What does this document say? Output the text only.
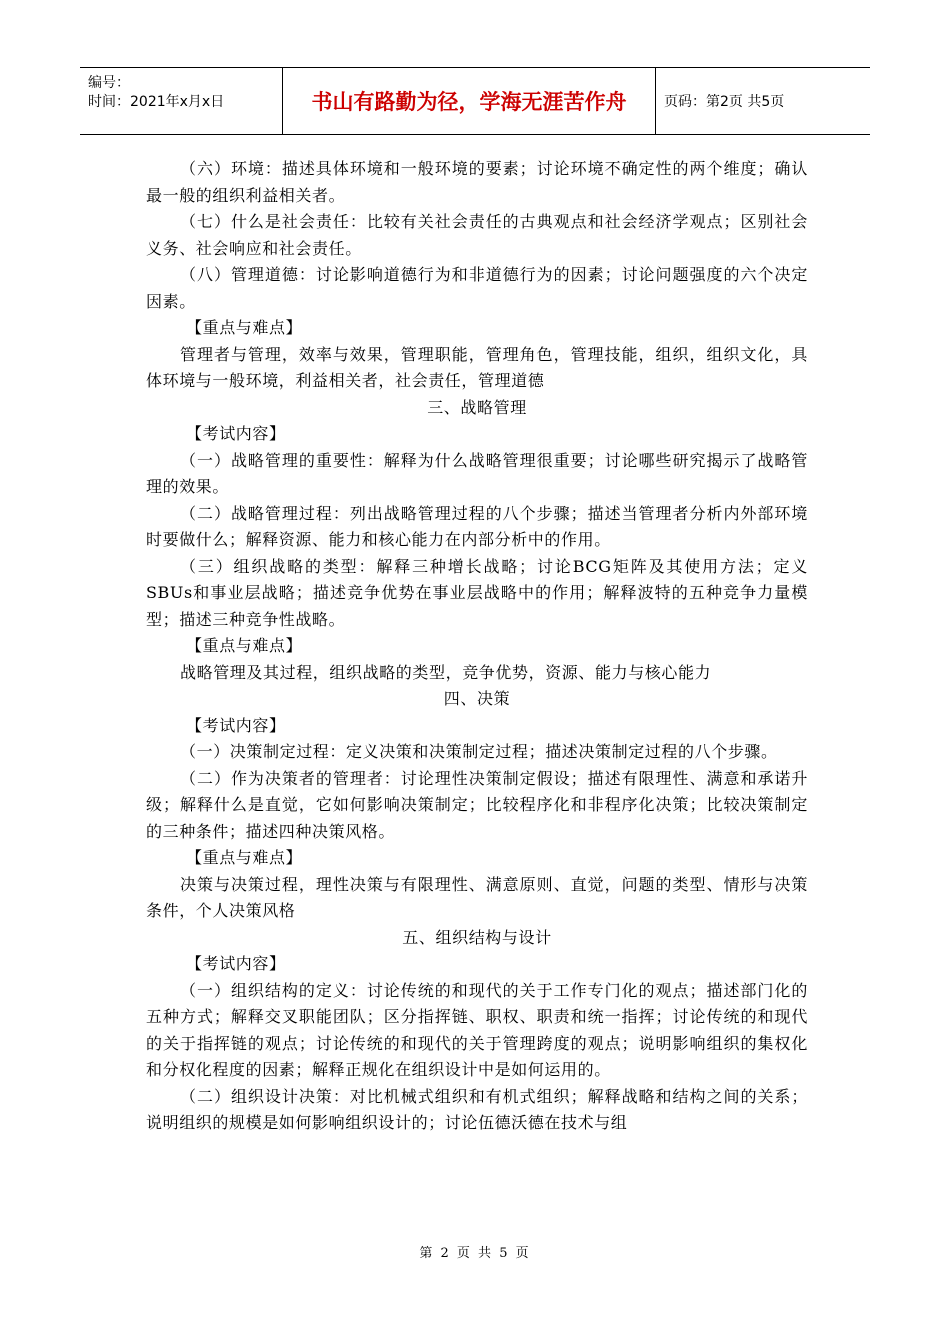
编号：
时间：2021年x月x日	书山有路勤为径，学海无涯苦作舟	页码：第2页 共5页

（六）环境：描述具体环境和一般环境的要素；讨论环境不确定性的两个维度；确认最一般的组织利益相关者。

（七）什么是社会责任：比较有关社会责任的古典观点和社会经济学观点；区别社会义务、社会响应和社会责任。

（八）管理道德：讨论影响道德行为和非道德行为的因素；讨论问题强度的六个决定因素。

【重点与难点】

管理者与管理，效率与效果，管理职能，管理角色，管理技能，组织，组织文化，具体环境与一般环境，利益相关者，社会责任，管理道德

三、战略管理

【考试内容】

（一）战略管理的重要性：解释为什么战略管理很重要；讨论哪些研究揭示了战略管理的效果。

（二）战略管理过程：列出战略管理过程的八个步骤；描述当管理者分析内外部环境时要做什么；解释资源、能力和核心能力在内部分析中的作用。

（三）组织战略的类型：解释三种增长战略；讨论BCG矩阵及其使用方法；定义SBUs和事业层战略；描述竞争优势在事业层战略中的作用；解释波特的五种竞争力量模型；描述三种竞争性战略。

【重点与难点】

战略管理及其过程，组织战略的类型，竞争优势，资源、能力与核心能力

四、决策

【考试内容】

（一）决策制定过程：定义决策和决策制定过程；描述决策制定过程的八个步骤。

（二）作为决策者的管理者：讨论理性决策制定假设；描述有限理性、满意和承诺升级；解释什么是直觉，它如何影响决策制定；比较程序化和非程序化决策；比较决策制定的三种条件；描述四种决策风格。

【重点与难点】

决策与决策过程，理性决策与有限理性、满意原则、直觉，问题的类型、情形与决策条件，个人决策风格

五、组织结构与设计

【考试内容】

（一）组织结构的定义：讨论传统的和现代的关于工作专门化的观点；描述部门化的五种方式；解释交叉职能团队；区分指挥链、职权、职责和统一指挥；讨论传统的和现代的关于指挥链的观点；讨论传统的和现代的关于管理跨度的观点；说明影响组织的集权化和分权化程度的因素；解释正规化在组织设计中是如何运用的。

（二）组织设计决策：对比机械式组织和有机式组织；解释战略和结构之间的关系；说明组织的规模是如何影响组织设计的；讨论伍德沃德在技术与组

第 2 页 共 5 页
